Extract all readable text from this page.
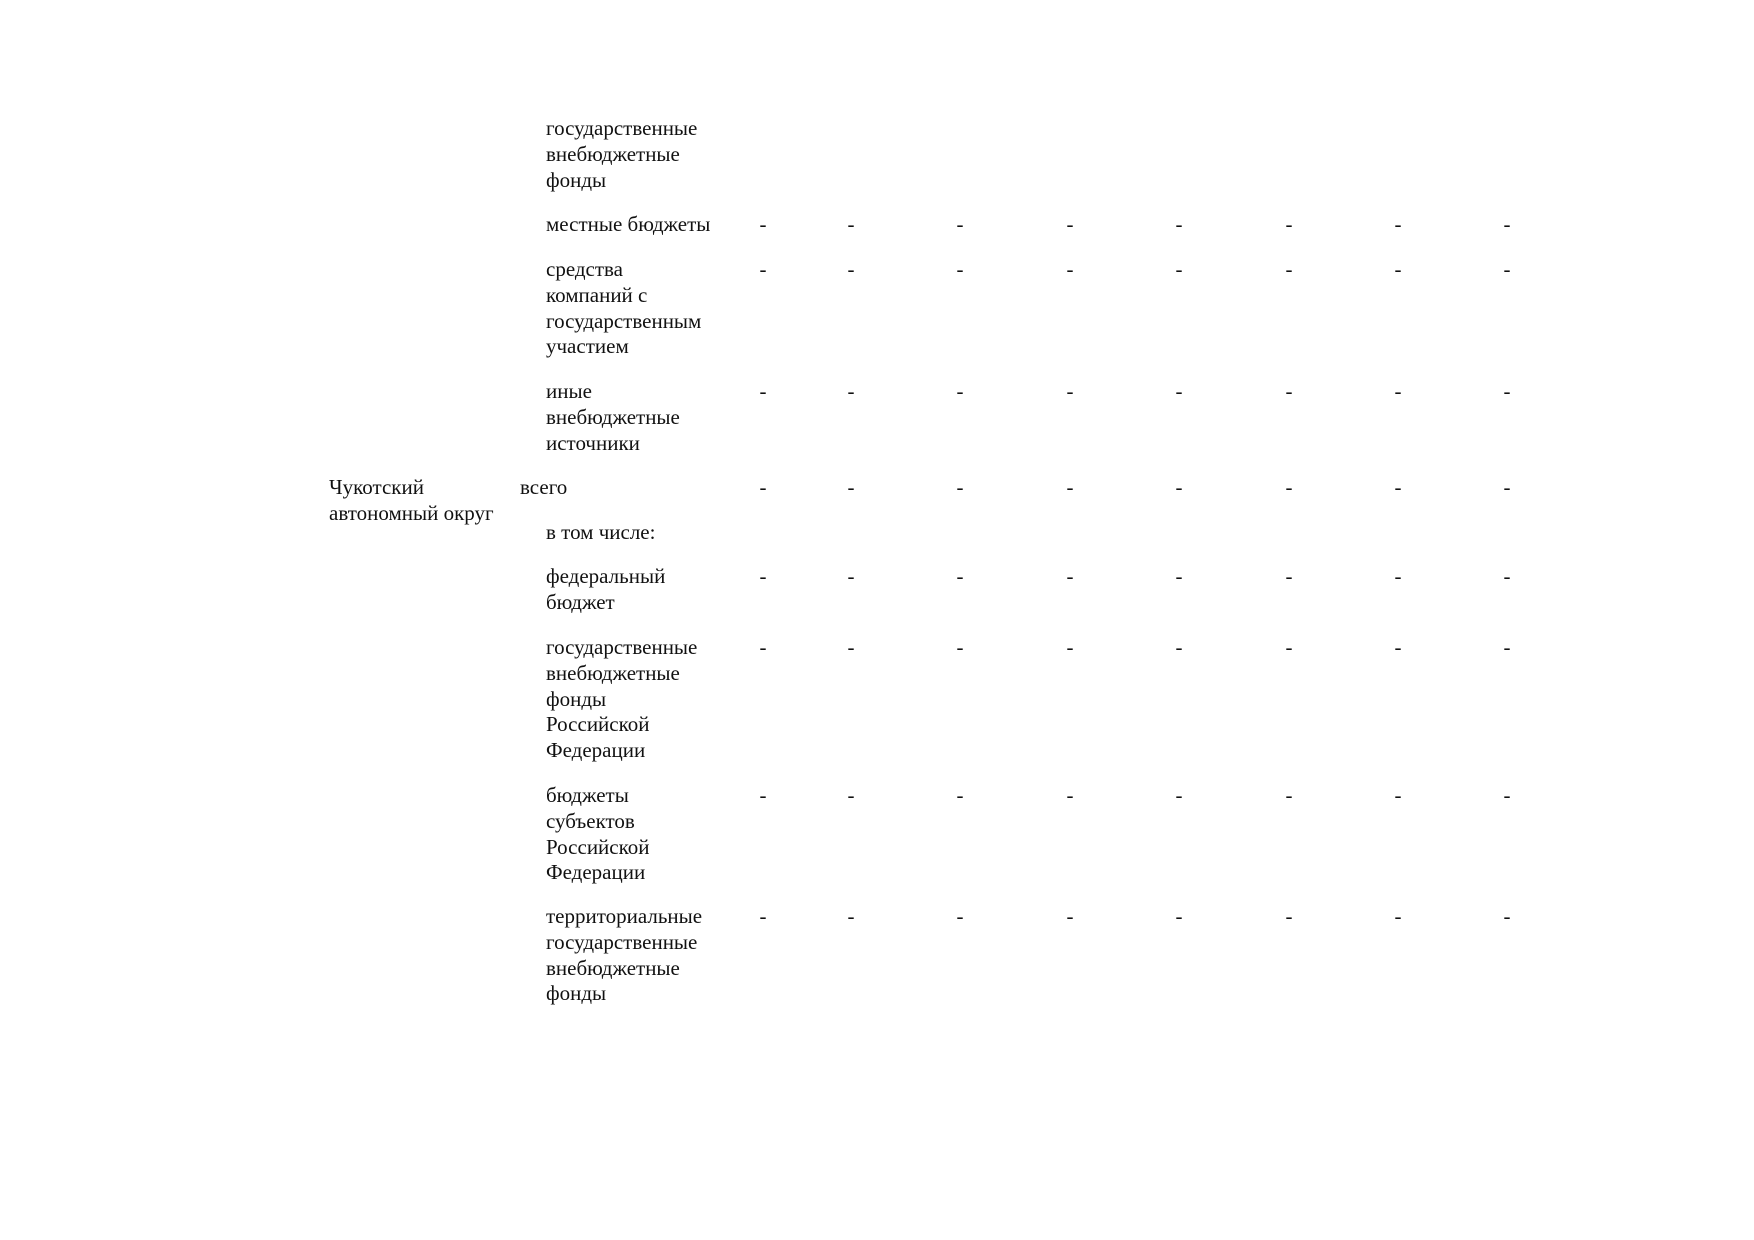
государственные
внебюджетные
фонды
местные бюджеты	-	-	-	-	-	-	-	-
средства
компаний с
государственным
участием
-	-	-	-	-	-	-	-
иные
внебюджетные
источники
-	-	-	-	-	-	-	-
Чукотский
автономный округ
всего	-	-	-	-	-	-	-	-
в том числе:
федеральный
бюджет
-	-	-	-	-	-	-	-
государственные
внебюджетные
фонды
Российской
Федерации
-	-	-	-	-	-	-	-
бюджеты
субъектов
Российской
Федерации
-	-	-	-	-	-	-	-
территориальные
государственные
внебюджетные
фонды
-	-	-	-	-	-	-	-
